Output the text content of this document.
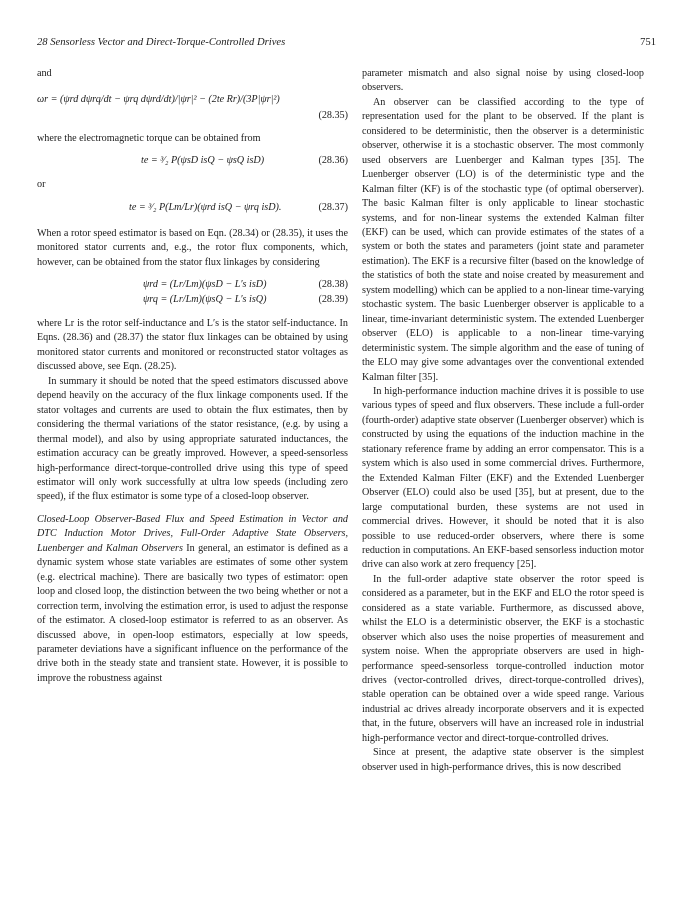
28 Sensorless Vector and Direct-Torque-Controlled Drives	751

and

ωr = (ψrd dψrq/dt − ψrq dψrd/dt)/|ψr|² − (2te Rr)/(3P|ψr|²)
(28.35)

where the electromagnetic torque can be obtained from

te = ³⁄₂ P(ψsD isQ − ψsQ isD)	(28.36)

or

te = ³⁄₂ P(Lm/Lr)(ψrd isQ − ψrq isD).	(28.37)

When a rotor speed estimator is based on Eqn. (28.34) or (28.35), it uses the monitored stator currents and, e.g., the rotor flux components, which, however, can be obtained from the stator flux linkages by considering

ψrd = (Lr/Lm)(ψsD − L′s isD)	(28.38)
ψrq = (Lr/Lm)(ψsQ − L′s isQ)	(28.39)

where Lr is the rotor self-inductance and L′s is the stator self-inductance. In Eqns. (28.36) and (28.37) the stator flux linkages can be obtained by using monitored stator currents and monitored or reconstructed stator voltages as discussed above, see Eqn. (28.25).

In summary it should be noted that the speed estimators discussed above depend heavily on the accuracy of the flux linkage components used. If the stator voltages and currents are used to obtain the flux estimates, then by considering the thermal variations of the stator resistance, (e.g. by using a thermal model), and also by using appropriate saturated inductances, the estimation accuracy can be greatly improved. However, a speed-sensorless high-performance direct-torque-controlled drive using this type of speed estimator will only work successfully at ultra low speeds (including zero speed), if the flux estimator is some type of a closed-loop observer.

Closed-Loop Observer-Based Flux and Speed Estimation in Vector and DTC Induction Motor Drives, Full-Order Adaptive State Observers, Luenberger and Kalman Observers In general, an estimator is defined as a dynamic system whose state variables are estimates of some other system (e.g. electrical machine). There are basically two types of estimator: open loop and closed loop, the distinction between the two being whether or not a correction term, involving the estimation error, is used to adjust the response of the estimator. A closed-loop estimator is referred to as an observer. As discussed above, in open-loop estimators, especially at low speeds, parameter deviations have a significant influence on the performance of the drive both in the steady state and transient state. However, it is possible to improve the robustness against

parameter mismatch and also signal noise by using closed-loop observers.

An observer can be classified according to the type of representation used for the plant to be observed. If the plant is considered to be deterministic, then the observer is a deterministic observer, otherwise it is a stochastic observer. The most commonly used observers are Luenberger and Kalman types [35]. The Luenberger observer (LO) is of the deterministic type and the Kalman filter (KF) is of the stochastic type (of optimal oberserver). The basic Kalman filter is only applicable to linear stochastic systems, and for non-linear systems the extended Kalman filter (EKF) can be used, which can provide estimates of the states of a system or both the states and parameters (joint state and parameter estimation). The EKF is a recursive filter (based on the knowledge of the statistics of both the state and noise created by measurement and system modelling) which can be applied to a non-linear time-varying stochastic system. The basic Luenberger observer is applicable to a linear, time-invariant deterministic system. The extended Luenberger observer (ELO) is applicable to a non-linear time-varying deterministic system. The simple algorithm and the ease of tuning of the ELO may give some advantages over the conventional extended Kalman filter [35].

In high-performance induction machine drives it is possible to use various types of speed and flux observers. These include a full-order (fourth-order) adaptive state observer (Luenberger observer) which is constructed by using the equations of the induction machine in the stationary reference frame by adding an error compensator. This is a system which is also used in some commercial drives. Furthermore, the Extended Kalman Filter (EKF) and the Extended Luenberger Observer (ELO) could also be used [35], but at present, due to the large computational burden, these systems are not used in commercial drives. However, it should be noted that it is also possible to use reduced-order observers, where there is some reduction in computations. An EKF-based sensorless induction motor drive can also work at zero frequency [25].

In the full-order adaptive state observer the rotor speed is considered as a parameter, but in the EKF and ELO the rotor speed is considered as a state variable. Furthermore, as discussed above, whilst the ELO is a deterministic observer, the EKF is a stochastic observer which also uses the noise properties of measurement and system noise. When the appropriate observers are used in high-performance speed-sensorless torque-controlled induction motor drives (vector-controlled drives, direct-torque-controlled drives), stable operation can be obtained over a wide speed range. Various industrial ac drives already incorporate observers and it is expected that, in the future, observers will have an increased role in industrial high-performance vector and direct-torque-controlled drives.

Since at present, the adaptive state observer is the simplest observer used in high-performance drives, this is now described
